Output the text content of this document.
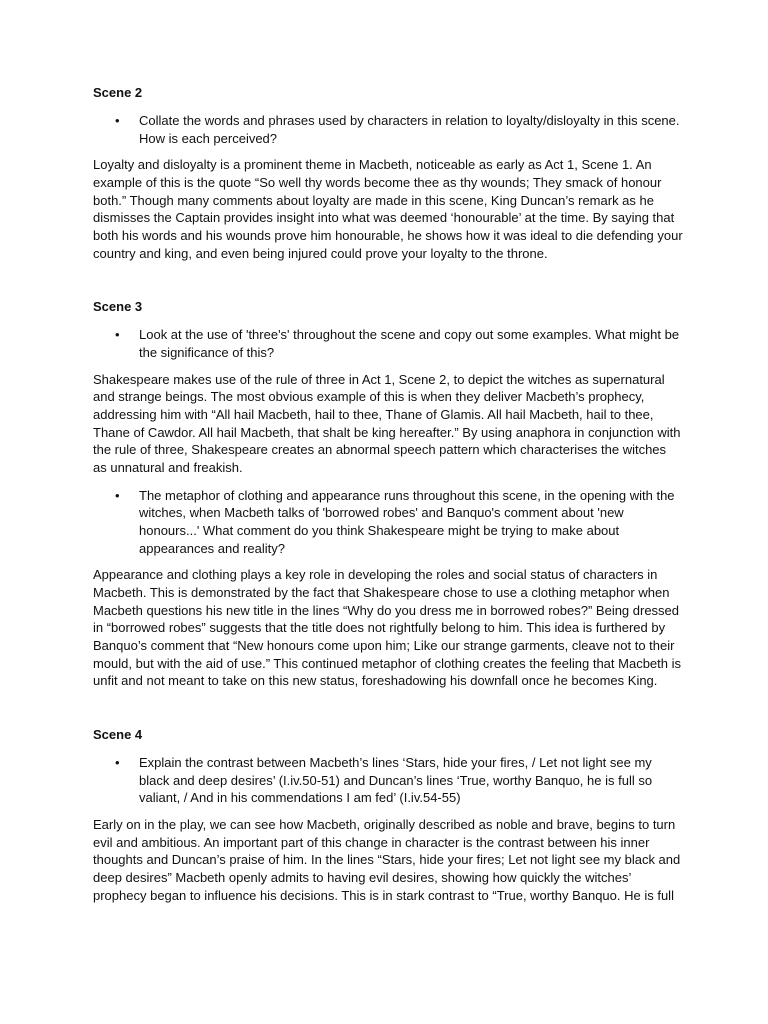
Scene 2

•	Collate the words and phrases used by characters in relation to loyalty/disloyalty in this scene. How is each perceived?

Loyalty and disloyalty is a prominent theme in Macbeth, noticeable as early as Act 1, Scene 1. An example of this is the quote “So well thy words become thee as thy wounds; They smack of honour both.” Though many comments about loyalty are made in this scene, King Duncan’s remark as he dismisses the Captain provides insight into what was deemed ‘honourable’ at the time. By saying that both his words and his wounds prove him honourable, he shows how it was ideal to die defending your country and king, and even being injured could prove your loyalty to the throne.

Scene 3

•	Look at the use of 'three's' throughout the scene and copy out some examples. What might be the significance of this?

Shakespeare makes use of the rule of three in Act 1, Scene 2, to depict the witches as supernatural and strange beings. The most obvious example of this is when they deliver Macbeth’s prophecy, addressing him with “All hail Macbeth, hail to thee, Thane of Glamis. All hail Macbeth, hail to thee, Thane of Cawdor. All hail Macbeth, that shalt be king hereafter.” By using anaphora in conjunction with the rule of three, Shakespeare creates an abnormal speech pattern which characterises the witches as unnatural and freakish.

•	The metaphor of clothing and appearance runs throughout this scene, in the opening with the witches, when Macbeth talks of 'borrowed robes' and Banquo's comment about 'new honours...' What comment do you think Shakespeare might be trying to make about appearances and reality?

Appearance and clothing plays a key role in developing the roles and social status of characters in Macbeth. This is demonstrated by the fact that Shakespeare chose to use a clothing metaphor when Macbeth questions his new title in the lines “Why do you dress me in borrowed robes?” Being dressed in “borrowed robes” suggests that the title does not rightfully belong to him. This idea is furthered by Banquo’s comment that “New honours come upon him; Like our strange garments, cleave not to their mould, but with the aid of use.” This continued metaphor of clothing creates the feeling that Macbeth is unfit and not meant to take on this new status, foreshadowing his downfall once he becomes King.

Scene 4

•	Explain the contrast between Macbeth’s lines ‘Stars, hide your fires, / Let not light see my black and deep desires’ (I.iv.50-51) and Duncan’s lines ‘True, worthy Banquo, he is full so valiant, / And in his commendations I am fed’ (I.iv.54-55)

Early on in the play, we can see how Macbeth, originally described as noble and brave, begins to turn evil and ambitious. An important part of this change in character is the contrast between his inner thoughts and Duncan’s praise of him. In the lines “Stars, hide your fires; Let not light see my black and deep desires” Macbeth openly admits to having evil desires, showing how quickly the witches’ prophecy began to influence his decisions. This is in stark contrast to “True, worthy Banquo. He is full
